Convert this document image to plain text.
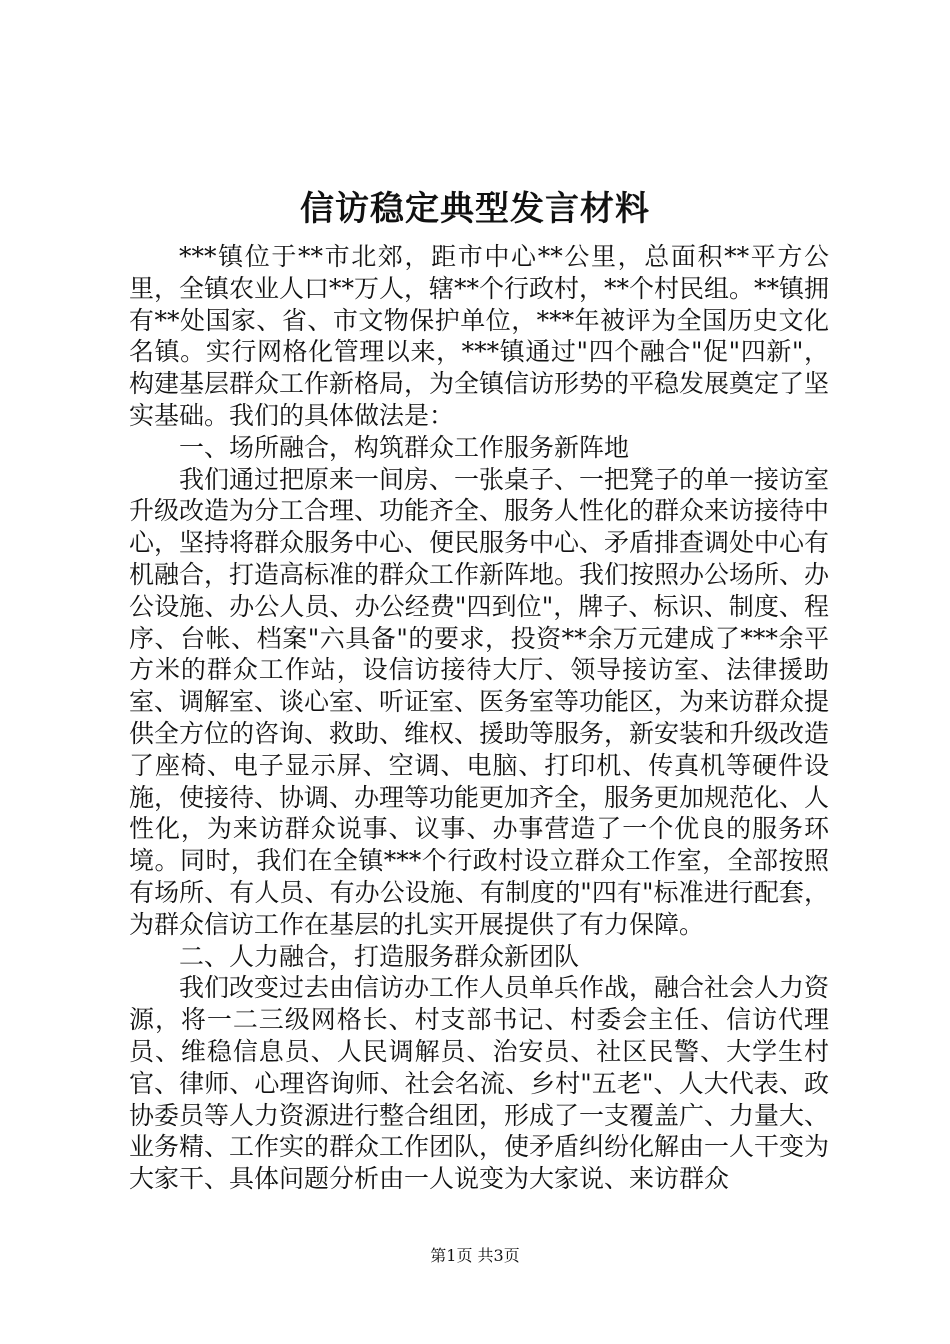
信访稳定典型发言材料

***镇位于**市北郊，距市中心**公里，总面积**平方公里，全镇农业人口**万人，辖**个行政村，**个村民组。**镇拥有**处国家、省、市文物保护单位，***年被评为全国历史文化名镇。实行网格化管理以来，***镇通过"四个融合"促"四新"，构建基层群众工作新格局，为全镇信访形势的平稳发展奠定了坚实基础。我们的具体做法是：

一、场所融合，构筑群众工作服务新阵地

我们通过把原来一间房、一张桌子、一把凳子的单一接访室升级改造为分工合理、功能齐全、服务人性化的群众来访接待中心，坚持将群众服务中心、便民服务中心、矛盾排查调处中心有机融合，打造高标准的群众工作新阵地。我们按照办公场所、办公设施、办公人员、办公经费"四到位"，牌子、标识、制度、程序、台帐、档案"六具备"的要求，投资**余万元建成了***余平方米的群众工作站，设信访接待大厅、领导接访室、法律援助室、调解室、谈心室、听证室、医务室等功能区，为来访群众提供全方位的咨询、救助、维权、援助等服务，新安装和升级改造了座椅、电子显示屏、空调、电脑、打印机、传真机等硬件设施，使接待、协调、办理等功能更加齐全，服务更加规范化、人性化，为来访群众说事、议事、办事营造了一个优良的服务环境。同时，我们在全镇***个行政村设立群众工作室，全部按照有场所、有人员、有办公设施、有制度的"四有"标准进行配套，为群众信访工作在基层的扎实开展提供了有力保障。

二、人力融合，打造服务群众新团队

我们改变过去由信访办工作人员单兵作战，融合社会人力资源，将一二三级网格长、村支部书记、村委会主任、信访代理员、维稳信息员、人民调解员、治安员、社区民警、大学生村官、律师、心理咨询师、社会名流、乡村"五老"、人大代表、政协委员等人力资源进行整合组团，形成了一支覆盖广、力量大、业务精、工作实的群众工作团队，使矛盾纠纷化解由一人干变为大家干、具体问题分析由一人说变为大家说、来访群众

第1页 共3页
